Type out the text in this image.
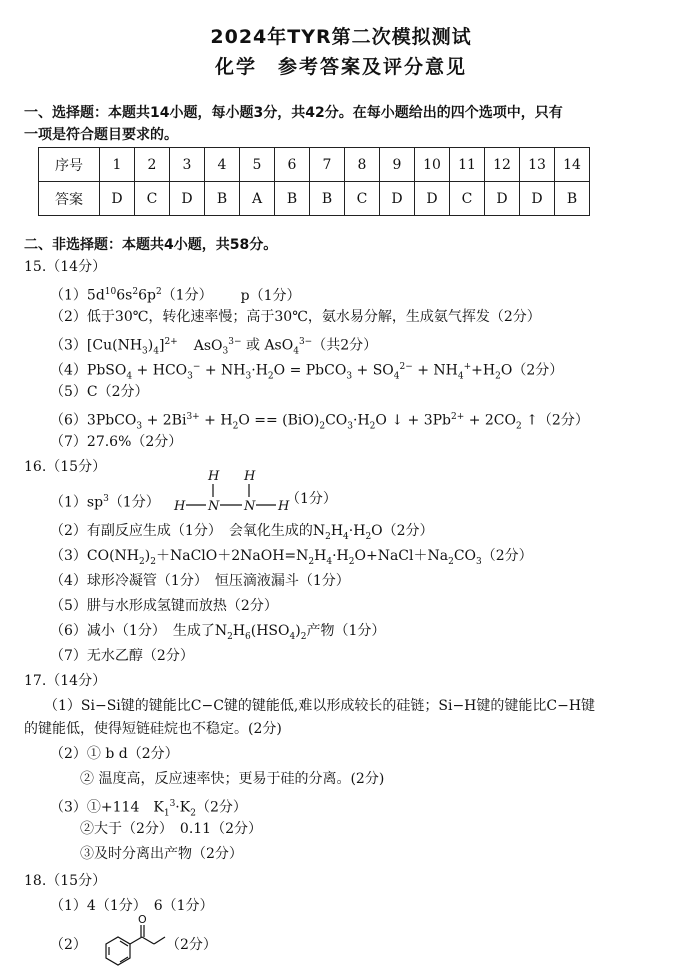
2024年TYR第二次模拟测试
化学　参考答案及评分意见
一、选择题：本题共14小题，每小题3分，共42分。在每小题给出的四个选项中，只有
一项是符合题目要求的。
序号	1	2	3	4	5	6	7	8	9	10	11	12	13	14
答案	D	C	D	B	A	B	B	C	D	D	C	D	D	B
二、非选择题：本题共4小题，共58分。
15.（14分）
$(1)5d^{10}6s^26p^2(1$分） p（1分）
（2）低于30℃，转化速率慢；高于30℃，氨水易分解，生成氨气挥发（2分）
$(3)[Cu(NH_3)_4]^{2+}$ AsO$_3^{3-}$ 或 AsO$_4^{3-}$（共2分）
（4）PbSO$_4$ + $HCO_3^- + NH_3\cdot H_2O$ = PbCO$_3$ + $SO_4^{2-} + NH_4^++H_2O(2$分）
（5）C（2分）
（6）3PbCO$_3$ + $2Bi^{3+} + H_2O == (BiO)_2CO_3\cdot H_2O$ ↓ + $3Pb^{2+} + 2CO_2$ ↑（2分）
（7）27.6%（2分）
16.（15分）
$(1)sp^3(1$分）
H H
H N N H
（1分）
（2）有副反应生成（1分）　会氧化生成的$N_2H_4\cdot H_2O(2$分）
$(3)CO(NH_2)_2+NaClO+2NaOH=N_2H_4\cdot H_2O+NaCl+Na_2CO_3(2$分）
（4）球形冷凝管（1分）　恒压滴液漏斗（1分）
（5）肼与水形成氢键而放热（2分）
（6）减小（1分）　生成了$N_2H_6(HSO_4)_2$产物（1分）
（7）无水乙醇（2分）
17.（14分）
（1）Si−Si键的键能比C−C键的键能低,难以形成较长的硅链；Si−H键的键能比C−H键
的键能低，使得短链硅烷也不稳定。(2分)
（2）① b d（2分）
② 温度高，反应速率快；更易于硅的分离。(2分)
（3）①+114　$K_1^3\cdot K_2(2$分）
②大于（2分）　0.11（2分）
③及时分离出产物（2分）
18.（15分）
（1）4（1分）　6（1分）
（2）
O
（2分）
